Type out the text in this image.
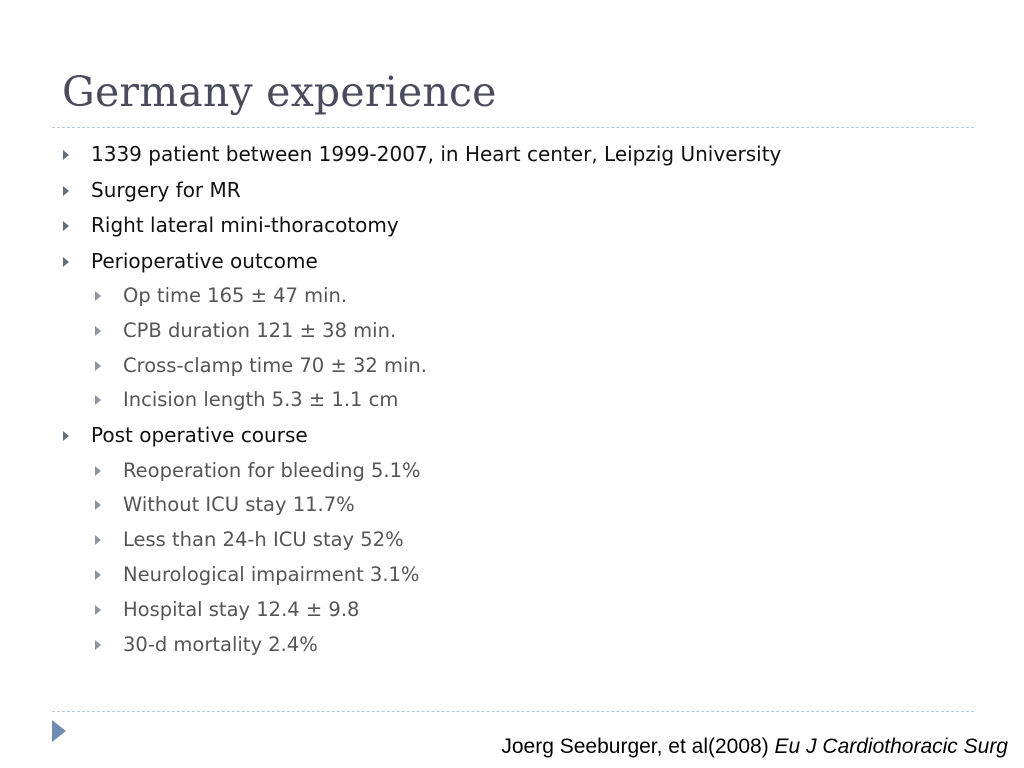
Germany experience
1339 patient between 1999-2007, in Heart center, Leipzig University
Surgery for MR
Right lateral mini-thoracotomy
Perioperative outcome
Op time 165 ± 47 min.
CPB duration 121 ± 38 min.
Cross-clamp time 70 ± 32 min.
Incision length 5.3 ± 1.1 cm
Post operative course
Reoperation for bleeding 5.1%
Without ICU stay 11.7%
Less than 24-h ICU stay 52%
Neurological impairment 3.1%
Hospital stay 12.4 ± 9.8
30-d mortality 2.4%
Joerg Seeburger, et al(2008) Eu J Cardiothoracic Surg
